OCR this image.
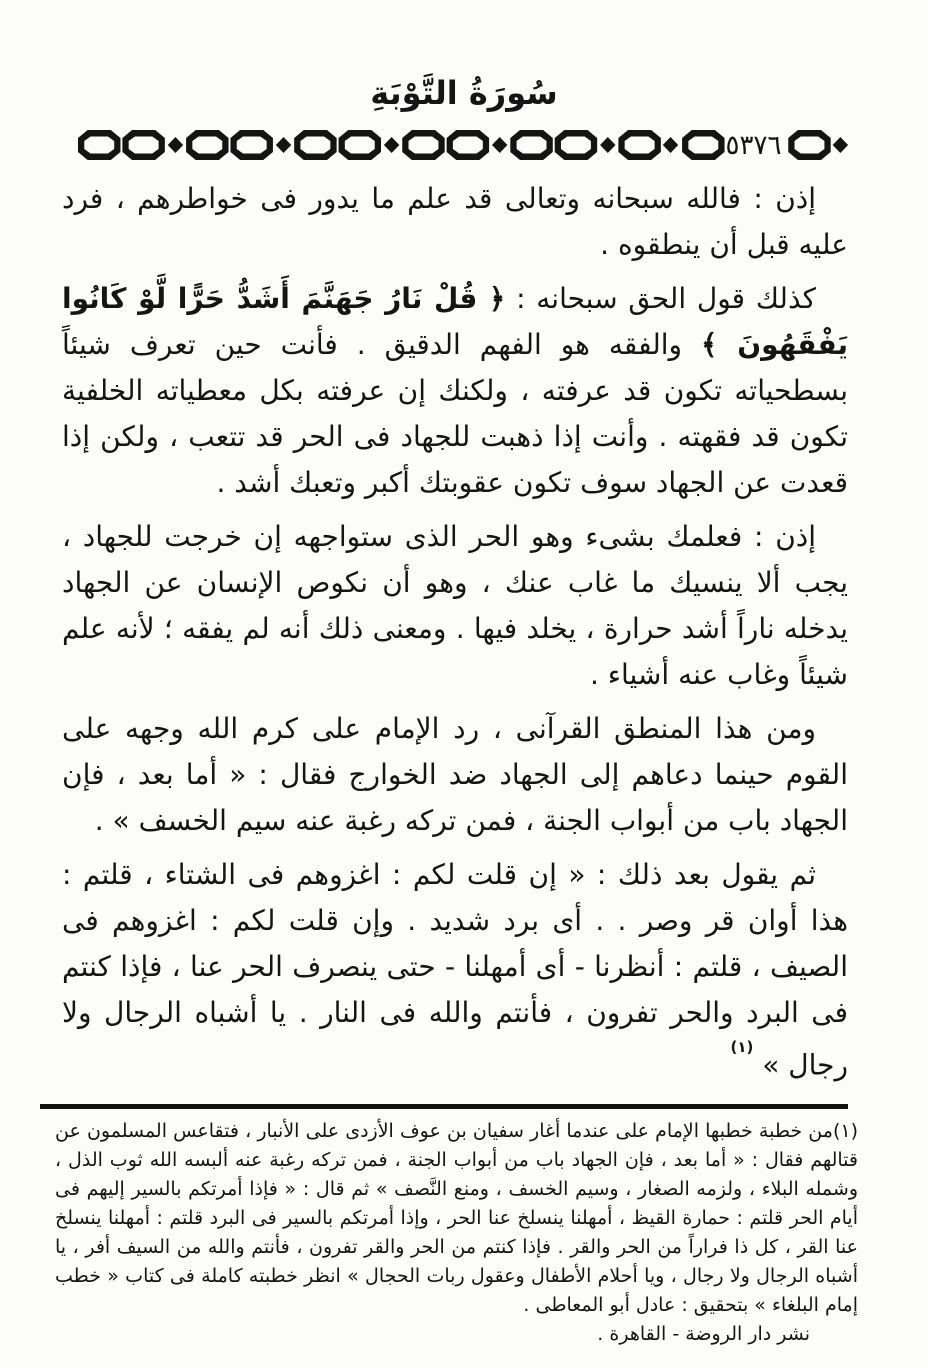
سُورَةُ التَّوْبَةِ
٥٣٧٦

إذن : فالله سبحانه وتعالى قد علم ما يدور فى خواطرهم ، فرد عليه قبل أن ينطقوه .

كذلك قول الحق سبحانه : ﴿ قُلْ نَارُ جَهَنَّمَ أَشَدُّ حَرًّا لَّوْ كَانُوا يَفْقَهُونَ ﴾ والفقه هو الفهم الدقيق . فأنت حين تعرف شيئاً بسطحياته تكون قد عرفته ، ولكنك إن عرفته بكل معطياته الخلفية تكون قد فقهته . وأنت إذا ذهبت للجهاد فى الحر قد تتعب ، ولكن إذا قعدت عن الجهاد سوف تكون عقوبتك أكبر وتعبك أشد .

إذن : فعلمك بشىء وهو الحر الذى ستواجهه إن خرجت للجهاد ، يجب ألا ينسيك ما غاب عنك ، وهو أن نكوص الإنسان عن الجهاد يدخله ناراً أشد حرارة ، يخلد فيها . ومعنى ذلك أنه لم يفقه ؛ لأنه علم شيئاً وغاب عنه أشياء .

ومن هذا المنطق القرآنى ، رد الإمام على كرم الله وجهه على القوم حينما دعاهم إلى الجهاد ضد الخوارج فقال : « أما بعد ، فإن الجهاد باب من أبواب الجنة ، فمن تركه رغبة عنه سيم الخسف » .

ثم يقول بعد ذلك : « إن قلت لكم : اغزوهم فى الشتاء ، قلتم : هذا أوان قر وصر . . أى برد شديد . وإن قلت لكم : اغزوهم فى الصيف ، قلتم : أنظرنا - أى أمهلنا - حتى ينصرف الحر عنا ، فإذا كنتم فى البرد والحر تفرون ، فأنتم والله فى النار . يا أشباه الرجال ولا رجال » $^{(١)}$

(١)من خطبة خطبها الإمام على عندما أغار سفيان بن عوف الأزدى على الأنبار ، فتقاعس المسلمون عن قتالهم فقال : « أما بعد ، فإن الجهاد باب من أبواب الجنة ، فمن تركه رغبة عنه ألبسه الله ثوب الذل ، وشمله البلاء ، ولزمه الصغار ، وسيم الخسف ، ومنع النَّصف » ثم قال : « فإذا أمرتكم بالسير إليهم فى أيام الحر قلتم : حمارة القيظ ، أمهلنا ينسلخ عنا الحر ، وإذا أمرتكم بالسير فى البرد قلتم : أمهلنا ينسلخ عنا القر ، كل ذا فراراً من الحر والقر . فإذا كنتم من الحر والقر تفرون ، فأنتم والله من السيف أفر ، يا أشباه الرجال ولا رجال ، ويا أحلام الأطفال وعقول ربات الحجال » انظر خطبته كاملة فى كتاب « خطب إمام البلغاء » بتحقيق : عادل أبو المعاطى .

نشر دار الروضة - القاهرة .
